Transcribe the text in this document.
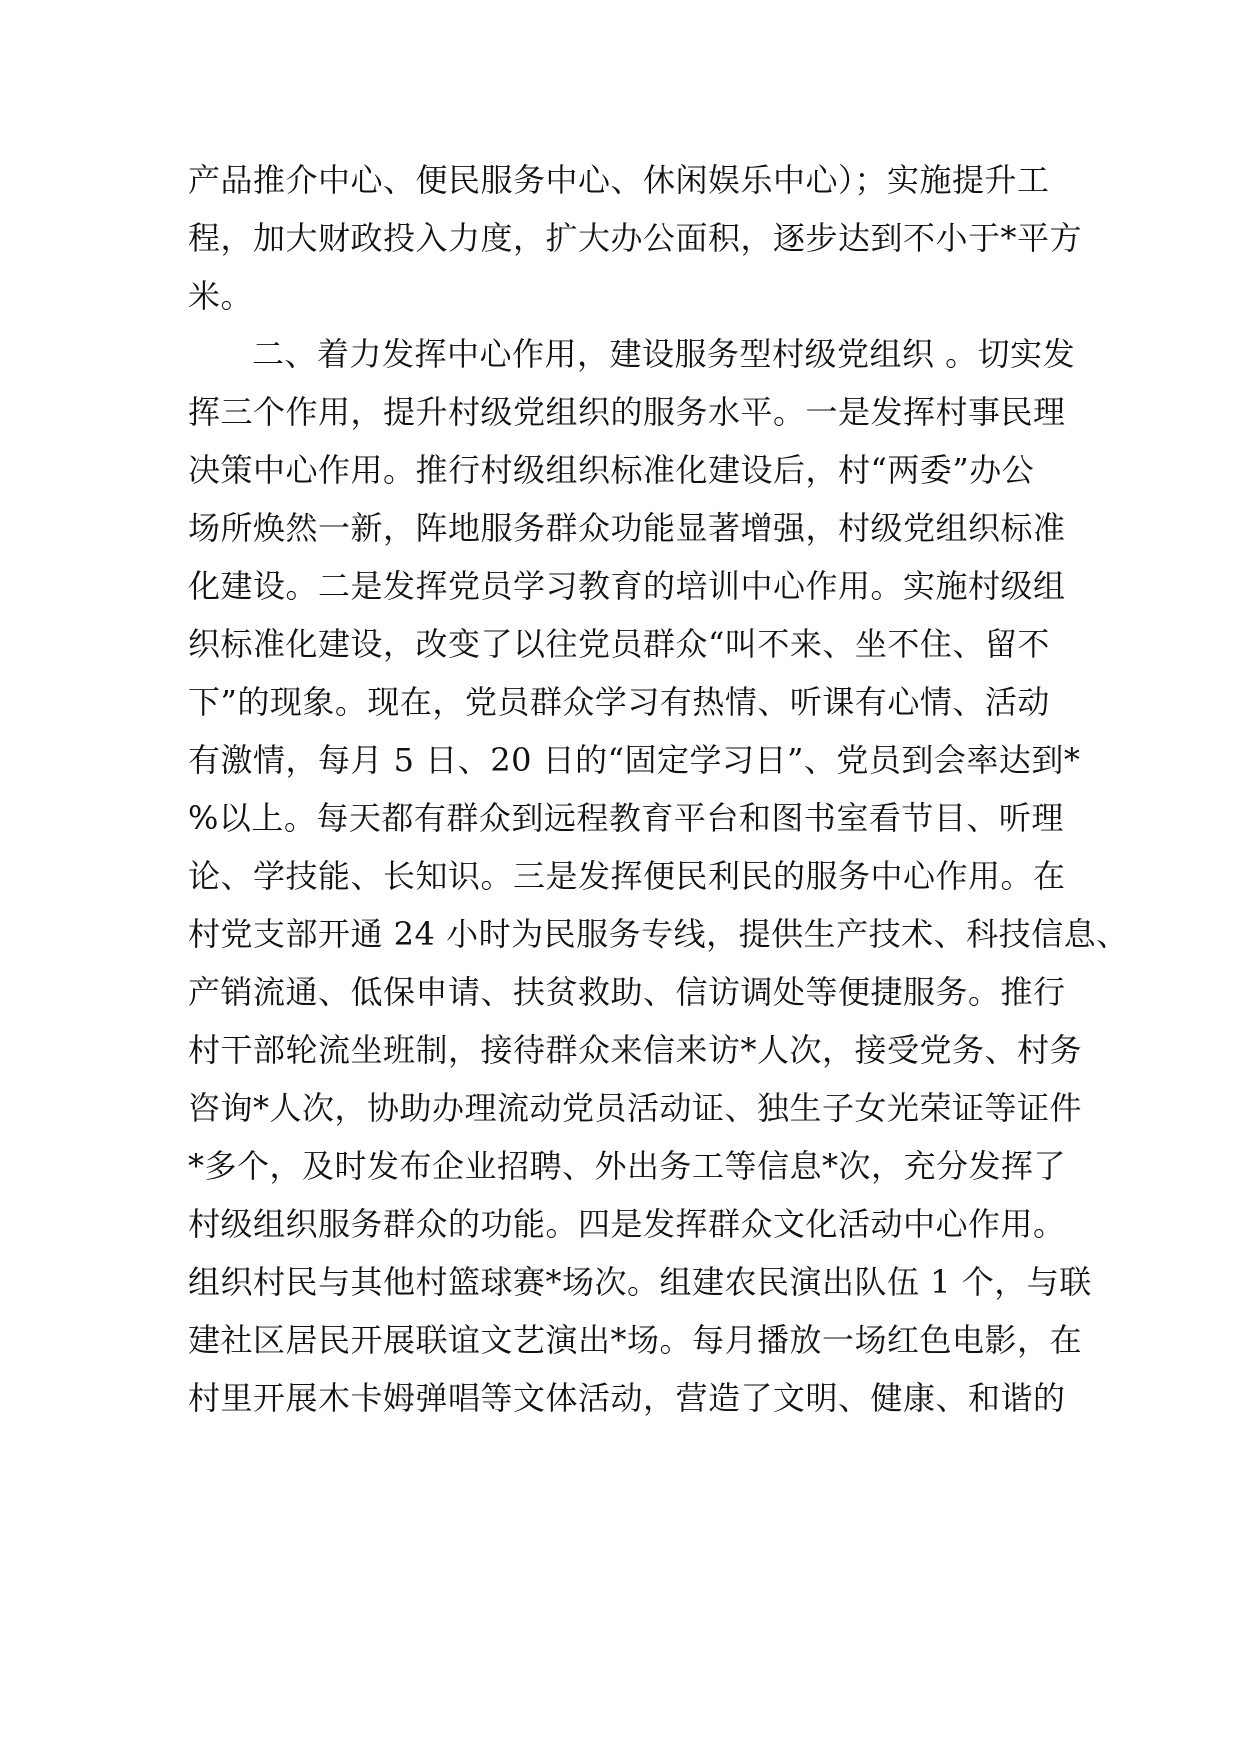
产品推介中心、便民服务中心、休闲娱乐中心）；实施提升工
程，加大财政投入力度，扩大办公面积，逐步达到不小于*平方
米。
二、着力发挥中心作用，建设服务型村级党组织 。切实发
挥三个作用，提升村级党组织的服务水平。一是发挥村事民理
决策中心作用。推行村级组织标准化建设后，村“两委”办公
场所焕然一新，阵地服务群众功能显著增强，村级党组织标准
化建设。二是发挥党员学习教育的培训中心作用。实施村级组
织标准化建设，改变了以往党员群众“叫不来、坐不住、留不
下”的现象。现在，党员群众学习有热情、听课有心情、活动
有激情，每月 5 日、20 日的“固定学习日”、党员到会率达到*
%以上。每天都有群众到远程教育平台和图书室看节目、听理
论、学技能、长知识。三是发挥便民利民的服务中心作用。在
村党支部开通 24 小时为民服务专线，提供生产技术、科技信息、
产销流通、低保申请、扶贫救助、信访调处等便捷服务。推行
村干部轮流坐班制，接待群众来信来访*人次，接受党务、村务
咨询*人次，协助办理流动党员活动证、独生子女光荣证等证件
*多个，及时发布企业招聘、外出务工等信息*次，充分发挥了
村级组织服务群众的功能。四是发挥群众文化活动中心作用。
组织村民与其他村篮球赛*场次。组建农民演出队伍 1 个，与联
建社区居民开展联谊文艺演出*场。每月播放一场红色电影，在
村里开展木卡姆弹唱等文体活动，营造了文明、健康、和谐的
